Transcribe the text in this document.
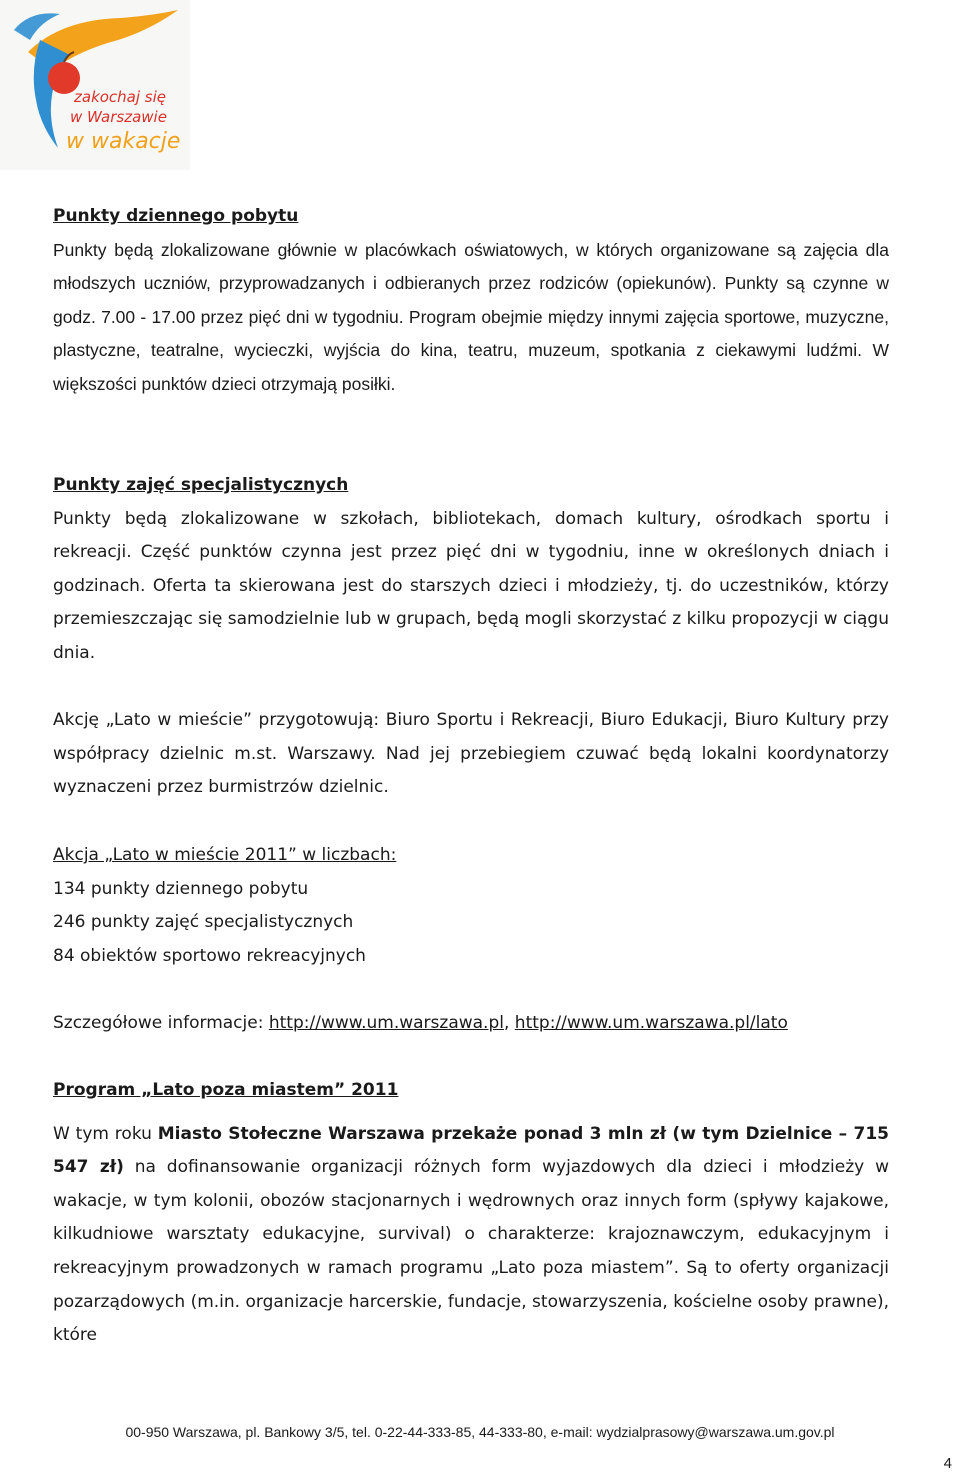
zakochaj się
w Warszawie
w wakacje

Punkty dziennego pobytu

Punkty będą zlokalizowane głównie w placówkach oświatowych, w których organizowane są zajęcia dla młodszych uczniów, przyprowadzanych i odbieranych przez rodziców (opiekunów). Punkty są czynne w godz. 7.00 - 17.00 przez pięć dni w tygodniu. Program obejmie między innymi zajęcia sportowe, muzyczne, plastyczne, teatralne, wycieczki, wyjścia do kina, teatru, muzeum, spotkania z ciekawymi ludźmi. W większości punktów dzieci otrzymają posiłki.

Punkty zajęć specjalistycznych

Punkty będą zlokalizowane w szkołach, bibliotekach, domach kultury, ośrodkach sportu i rekreacji. Część punktów czynna jest przez pięć dni w tygodniu, inne w określonych dniach i godzinach. Oferta ta skierowana jest do starszych dzieci i młodzieży, tj. do uczestników, którzy przemieszczając się samodzielnie lub w grupach, będą mogli skorzystać z kilku propozycji w ciągu dnia.

Akcję „Lato w mieście” przygotowują: Biuro Sportu i Rekreacji, Biuro Edukacji, Biuro Kultury przy współpracy dzielnic m.st. Warszawy. Nad jej przebiegiem czuwać będą lokalni koordynatorzy wyznaczeni przez burmistrzów dzielnic.

Akcja „Lato w mieście 2011” w liczbach:

134 punkty dziennego pobytu

246 punkty zajęć specjalistycznych

84 obiektów sportowo rekreacyjnych

Szczegółowe informacje: http://www.um.warszawa.pl, http://www.um.warszawa.pl/lato

Program „Lato poza miastem” 2011

W tym roku Miasto Stołeczne Warszawa przekaże ponad 3 mln zł (w tym Dzielnice – 715 547 zł) na dofinansowanie organizacji różnych form wyjazdowych dla dzieci i młodzieży w wakacje, w tym kolonii, obozów stacjonarnych i wędrownych oraz innych form (spływy kajakowe, kilkudniowe warsztaty edukacyjne, survival) o charakterze: krajoznawczym, edukacyjnym i rekreacyjnym prowadzonych w ramach programu „Lato poza miastem”. Są to oferty organizacji pozarządowych (m.in. organizacje harcerskie, fundacje, stowarzyszenia, kościelne osoby prawne), które

00-950 Warszawa, pl. Bankowy 3/5, tel. 0-22-44-333-85, 44-333-80, e-mail: wydzialprasowy@warszawa.um.gov.pl
4
